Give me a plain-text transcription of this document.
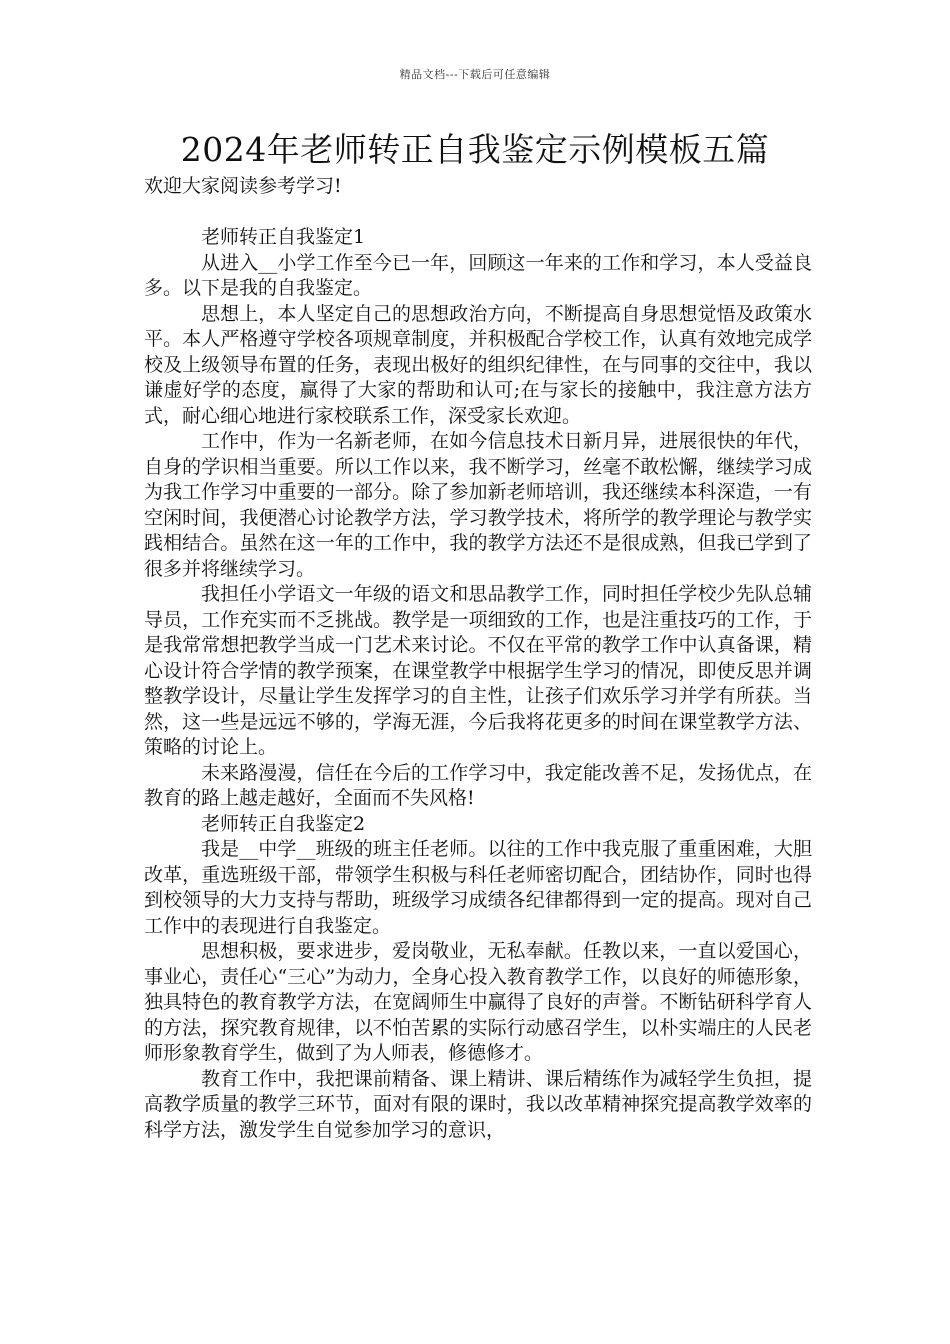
精品文档---下载后可任意编辑
2024年老师转正自我鉴定示例模板五篇

欢迎大家阅读参考学习!

老师转正自我鉴定1

从进入__小学工作至今已一年，回顾这一年来的工作和学习，本人受益良多。以下是我的自我鉴定。

思想上，本人坚定自己的思想政治方向，不断提高自身思想觉悟及政策水平。本人严格遵守学校各项规章制度，并积极配合学校工作，认真有效地完成学校及上级领导布置的任务，表现出极好的组织纪律性，在与同事的交往中，我以谦虚好学的态度，赢得了大家的帮助和认可;在与家长的接触中，我注意方法方式，耐心细心地进行家校联系工作，深受家长欢迎。

工作中，作为一名新老师，在如今信息技术日新月异，进展很快的年代，自身的学识相当重要。所以工作以来，我不断学习，丝毫不敢松懈，继续学习成为我工作学习中重要的一部分。除了参加新老师培训，我还继续本科深造，一有空闲时间，我便潜心讨论教学方法，学习教学技术，将所学的教学理论与教学实践相结合。虽然在这一年的工作中，我的教学方法还不是很成熟，但我已学到了很多并将继续学习。

我担任小学语文一年级的语文和思品教学工作，同时担任学校少先队总辅导员，工作充实而不乏挑战。教学是一项细致的工作，也是注重技巧的工作，于是我常常想把教学当成一门艺术来讨论。不仅在平常的教学工作中认真备课，精心设计符合学情的教学预案，在课堂教学中根据学生学习的情况，即使反思并调整教学设计，尽量让学生发挥学习的自主性，让孩子们欢乐学习并学有所获。当然，这一些是远远不够的，学海无涯，今后我将花更多的时间在课堂教学方法、策略的讨论上。

未来路漫漫，信任在今后的工作学习中，我定能改善不足，发扬优点，在教育的路上越走越好，全面而不失风格!

老师转正自我鉴定2

我是__中学__班级的班主任老师。以往的工作中我克服了重重困难，大胆改革，重选班级干部，带领学生积极与科任老师密切配合，团结协作，同时也得到校领导的大力支持与帮助，班级学习成绩各纪律都得到一定的提高。现对自己工作中的表现进行自我鉴定。

思想积极，要求进步，爱岗敬业，无私奉献。任教以来，一直以爱国心，事业心，责任心“三心”为动力，全身心投入教育教学工作，以良好的师德形象，独具特色的教育教学方法，在宽阔师生中赢得了良好的声誉。不断钻研科学育人的方法，探究教育规律，以不怕苦累的实际行动感召学生，以朴实端庄的人民老师形象教育学生，做到了为人师表，修德修才。

教育工作中，我把课前精备、课上精讲、课后精练作为减轻学生负担，提高教学质量的教学三环节，面对有限的课时，我以改革精神探究提高教学效率的科学方法，激发学生自觉参加学习的意识，
